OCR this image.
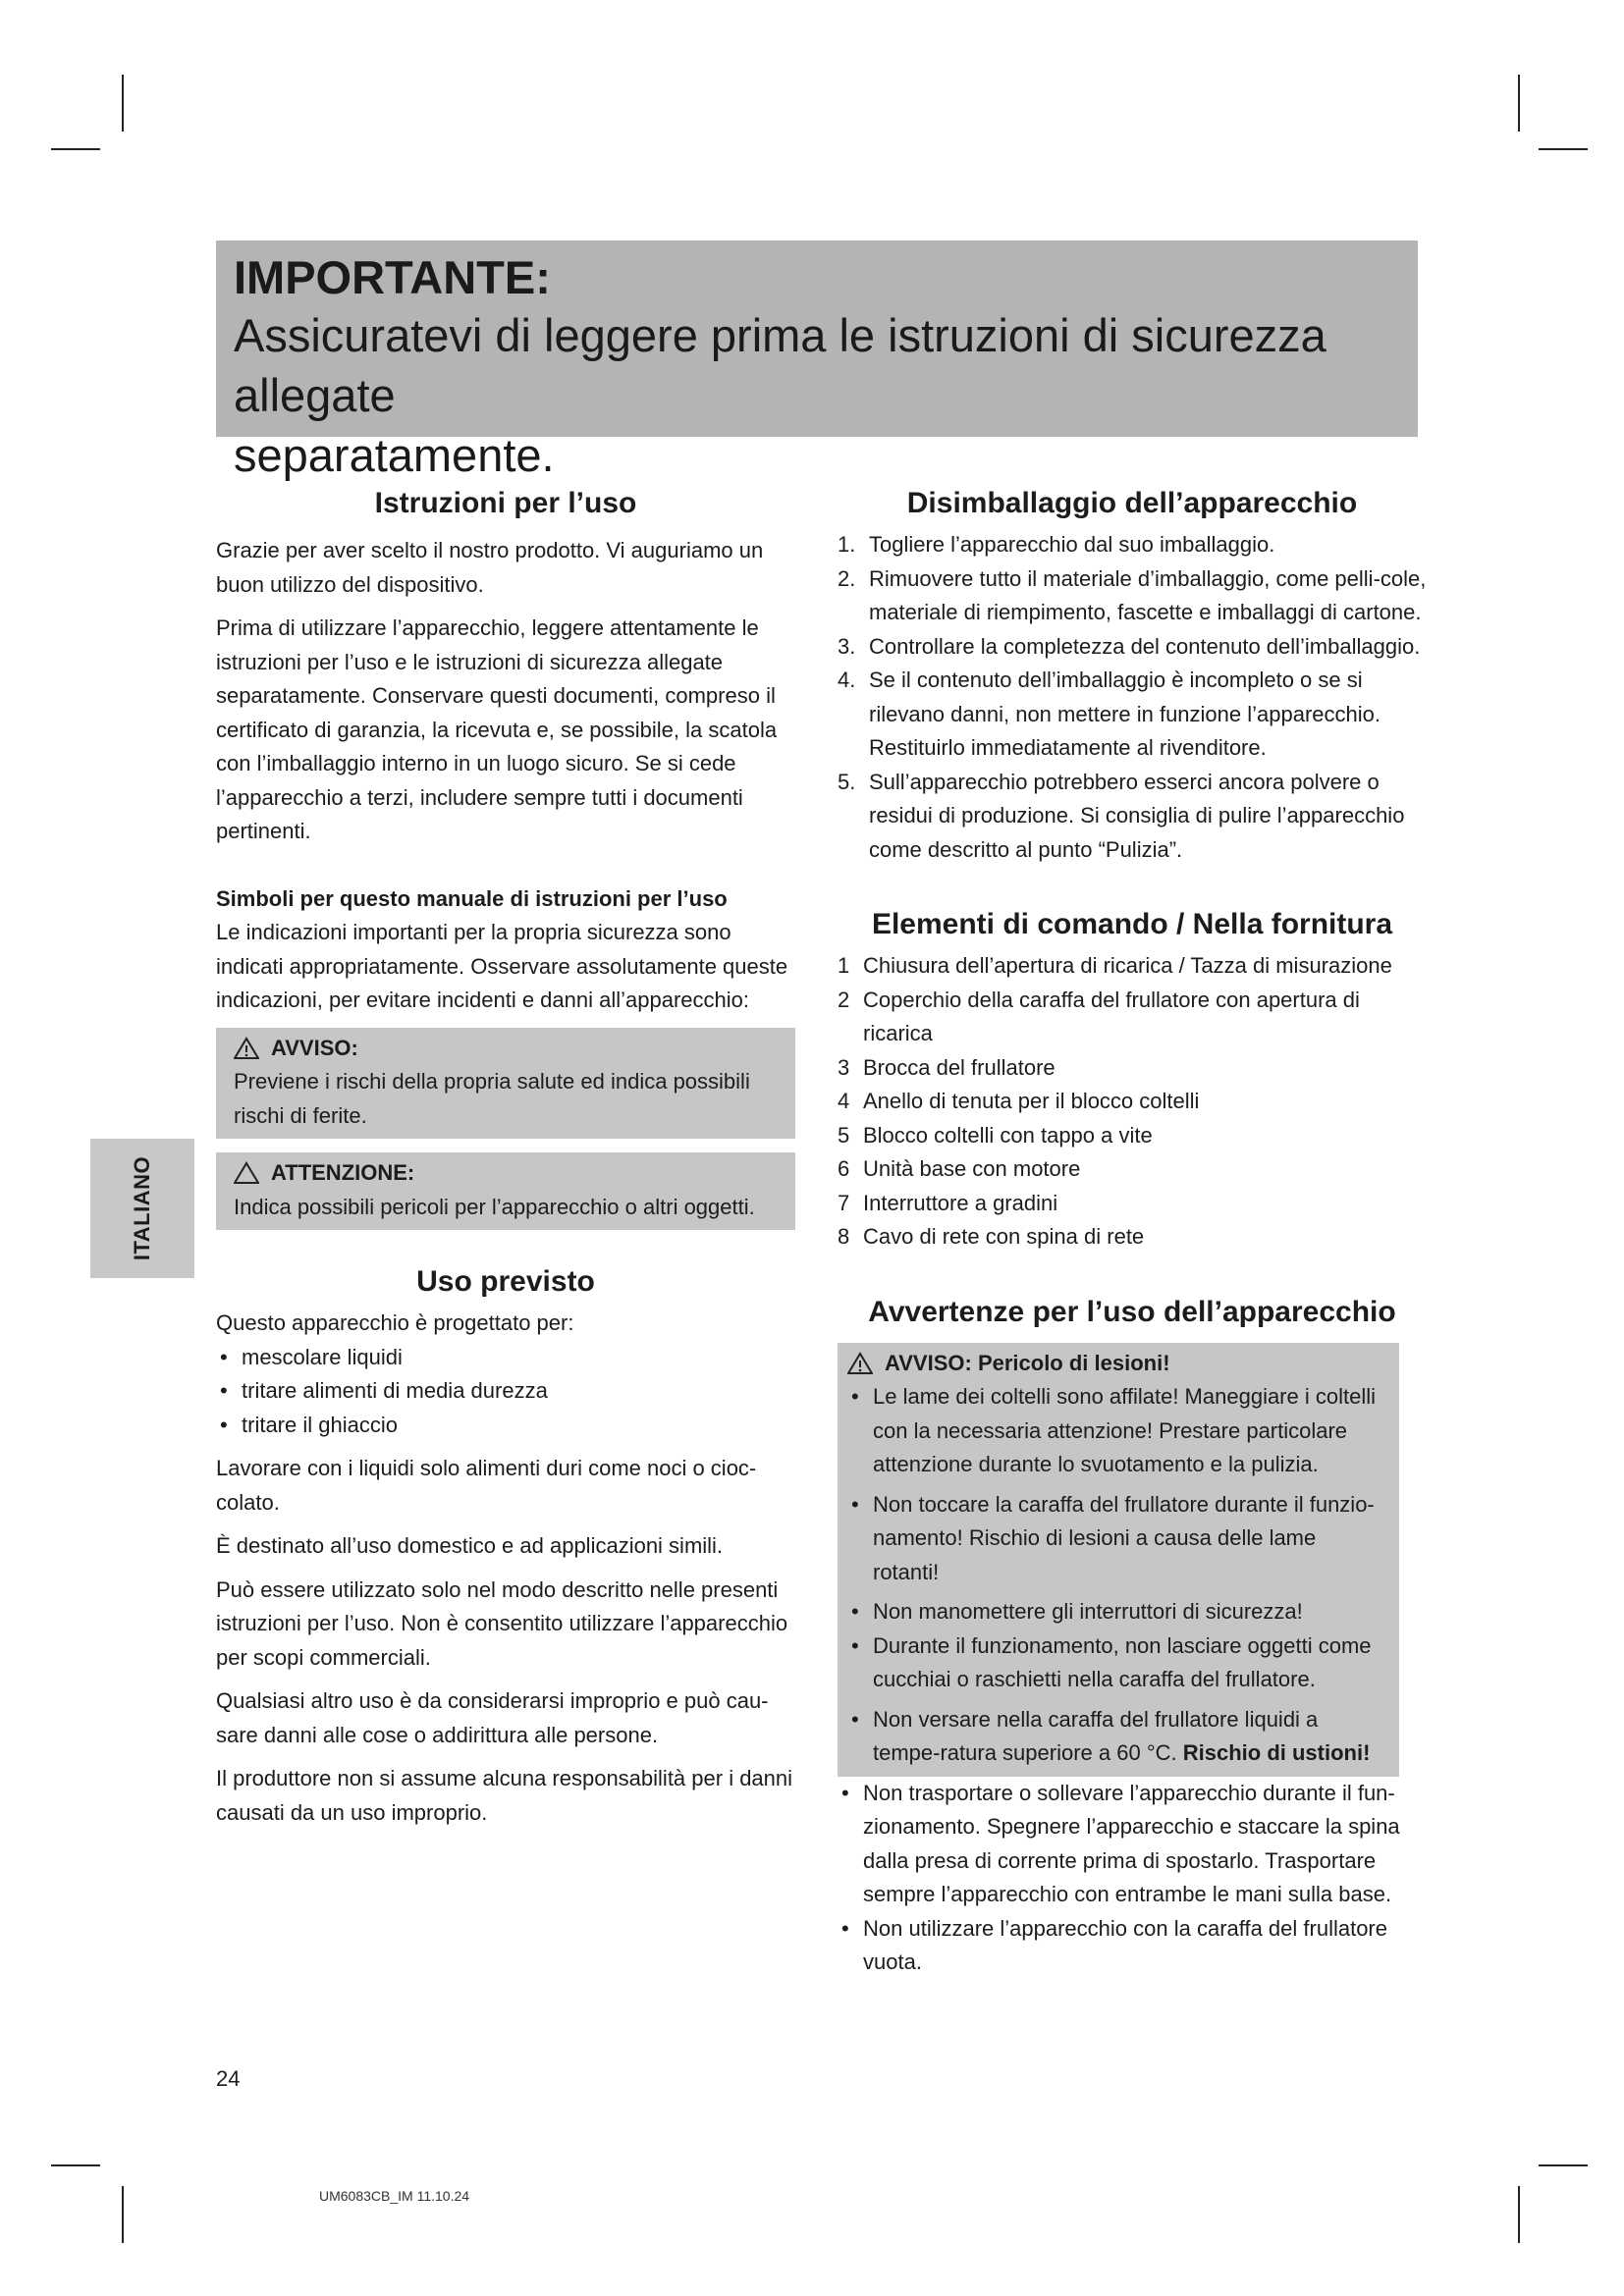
IMPORTANTE:
Assicuratevi di leggere prima le istruzioni di sicurezza allegate
separatamente.
ITALIANO
Istruzioni per l’uso

Grazie per aver scelto il nostro prodotto. Vi auguriamo un buon utilizzo del dispositivo.

Prima di utilizzare l’apparecchio, leggere attentamente le istruzioni per l’uso e le istruzioni di sicurezza allegate separatamente. Conservare questi documenti, compreso il certificato di garanzia, la ricevuta e, se possibile, la scatola con l’imballaggio interno in un luogo sicuro. Se si cede l’apparecchio a terzi, includere sempre tutti i documenti pertinenti.

Simboli per questo manuale di istruzioni per l’uso

Le indicazioni importanti per la propria sicurezza sono indicati appropriatamente. Osservare assolutamente queste indicazioni, per evitare incidenti e danni all’apparecchio:

AVVISO:

Previene i rischi della propria salute ed indica possibili rischi di ferite.

ATTENZIONE:

Indica possibili pericoli per l’apparecchio o altri oggetti.

Uso previsto

Questo apparecchio è progettato per:

• mescolare liquidi
• tritare alimenti di media durezza
• tritare il ghiaccio

Lavorare con i liquidi solo alimenti duri come noci o cioc-colato.

È destinato all’uso domestico e ad applicazioni simili.

Può essere utilizzato solo nel modo descritto nelle presenti istruzioni per l’uso. Non è consentito utilizzare l’apparecchio per scopi commerciali.

Qualsiasi altro uso è da considerarsi improprio e può cau-sare danni alle cose o addirittura alle persone.

Il produttore non si assume alcuna responsabilità per i danni causati da un uso improprio.

Disimballaggio dell’apparecchio
1. Togliere l’apparecchio dal suo imballaggio.
2. Rimuovere tutto il materiale d’imballaggio, come pelli-cole, materiale di riempimento, fascette e imballaggi di cartone.
3. Controllare la completezza del contenuto dell’imballaggio.
4. Se il contenuto dell’imballaggio è incompleto o se si rilevano danni, non mettere in funzione l’apparecchio. Restituirlo immediatamente al rivenditore.
5. Sull’apparecchio potrebbero esserci ancora polvere o residui di produzione. Si consiglia di pulire l’apparecchio come descritto al punto “Pulizia”.
Elementi di comando / Nella fornitura
1 Chiusura dell’apertura di ricarica / Tazza di misurazione
2 Coperchio della caraffa del frullatore con apertura di ricarica
3 Brocca del frullatore
4 Anello di tenuta per il blocco coltelli
5 Blocco coltelli con tappo a vite
6 Unità base con motore
7 Interruttore a gradini
8 Cavo di rete con spina di rete
Avvertenze per l’uso dell’apparecchio
AVVISO: Pericolo di lesioni!
• Le lame dei coltelli sono affilate! Maneggiare i coltelli con la necessaria attenzione! Prestare particolare attenzione durante lo svuotamento e la pulizia.
• Non toccare la caraffa del frullatore durante il funzio-namento! Rischio di lesioni a causa delle lame rotanti!
• Non manomettere gli interruttori di sicurezza!
• Durante il funzionamento, non lasciare oggetti come cucchiai o raschietti nella caraffa del frullatore.
• Non versare nella caraffa del frullatore liquidi a tempe-ratura superiore a 60 °C. Rischio di ustioni!
• Non trasportare o sollevare l’apparecchio durante il fun-zionamento. Spegnere l’apparecchio e staccare la spina dalla presa di corrente prima di spostarlo. Trasportare sempre l’apparecchio con entrambe le mani sulla base.
• Non utilizzare l’apparecchio con la caraffa del frullatore vuota.
24
UM6083CB_IM 11.10.24
